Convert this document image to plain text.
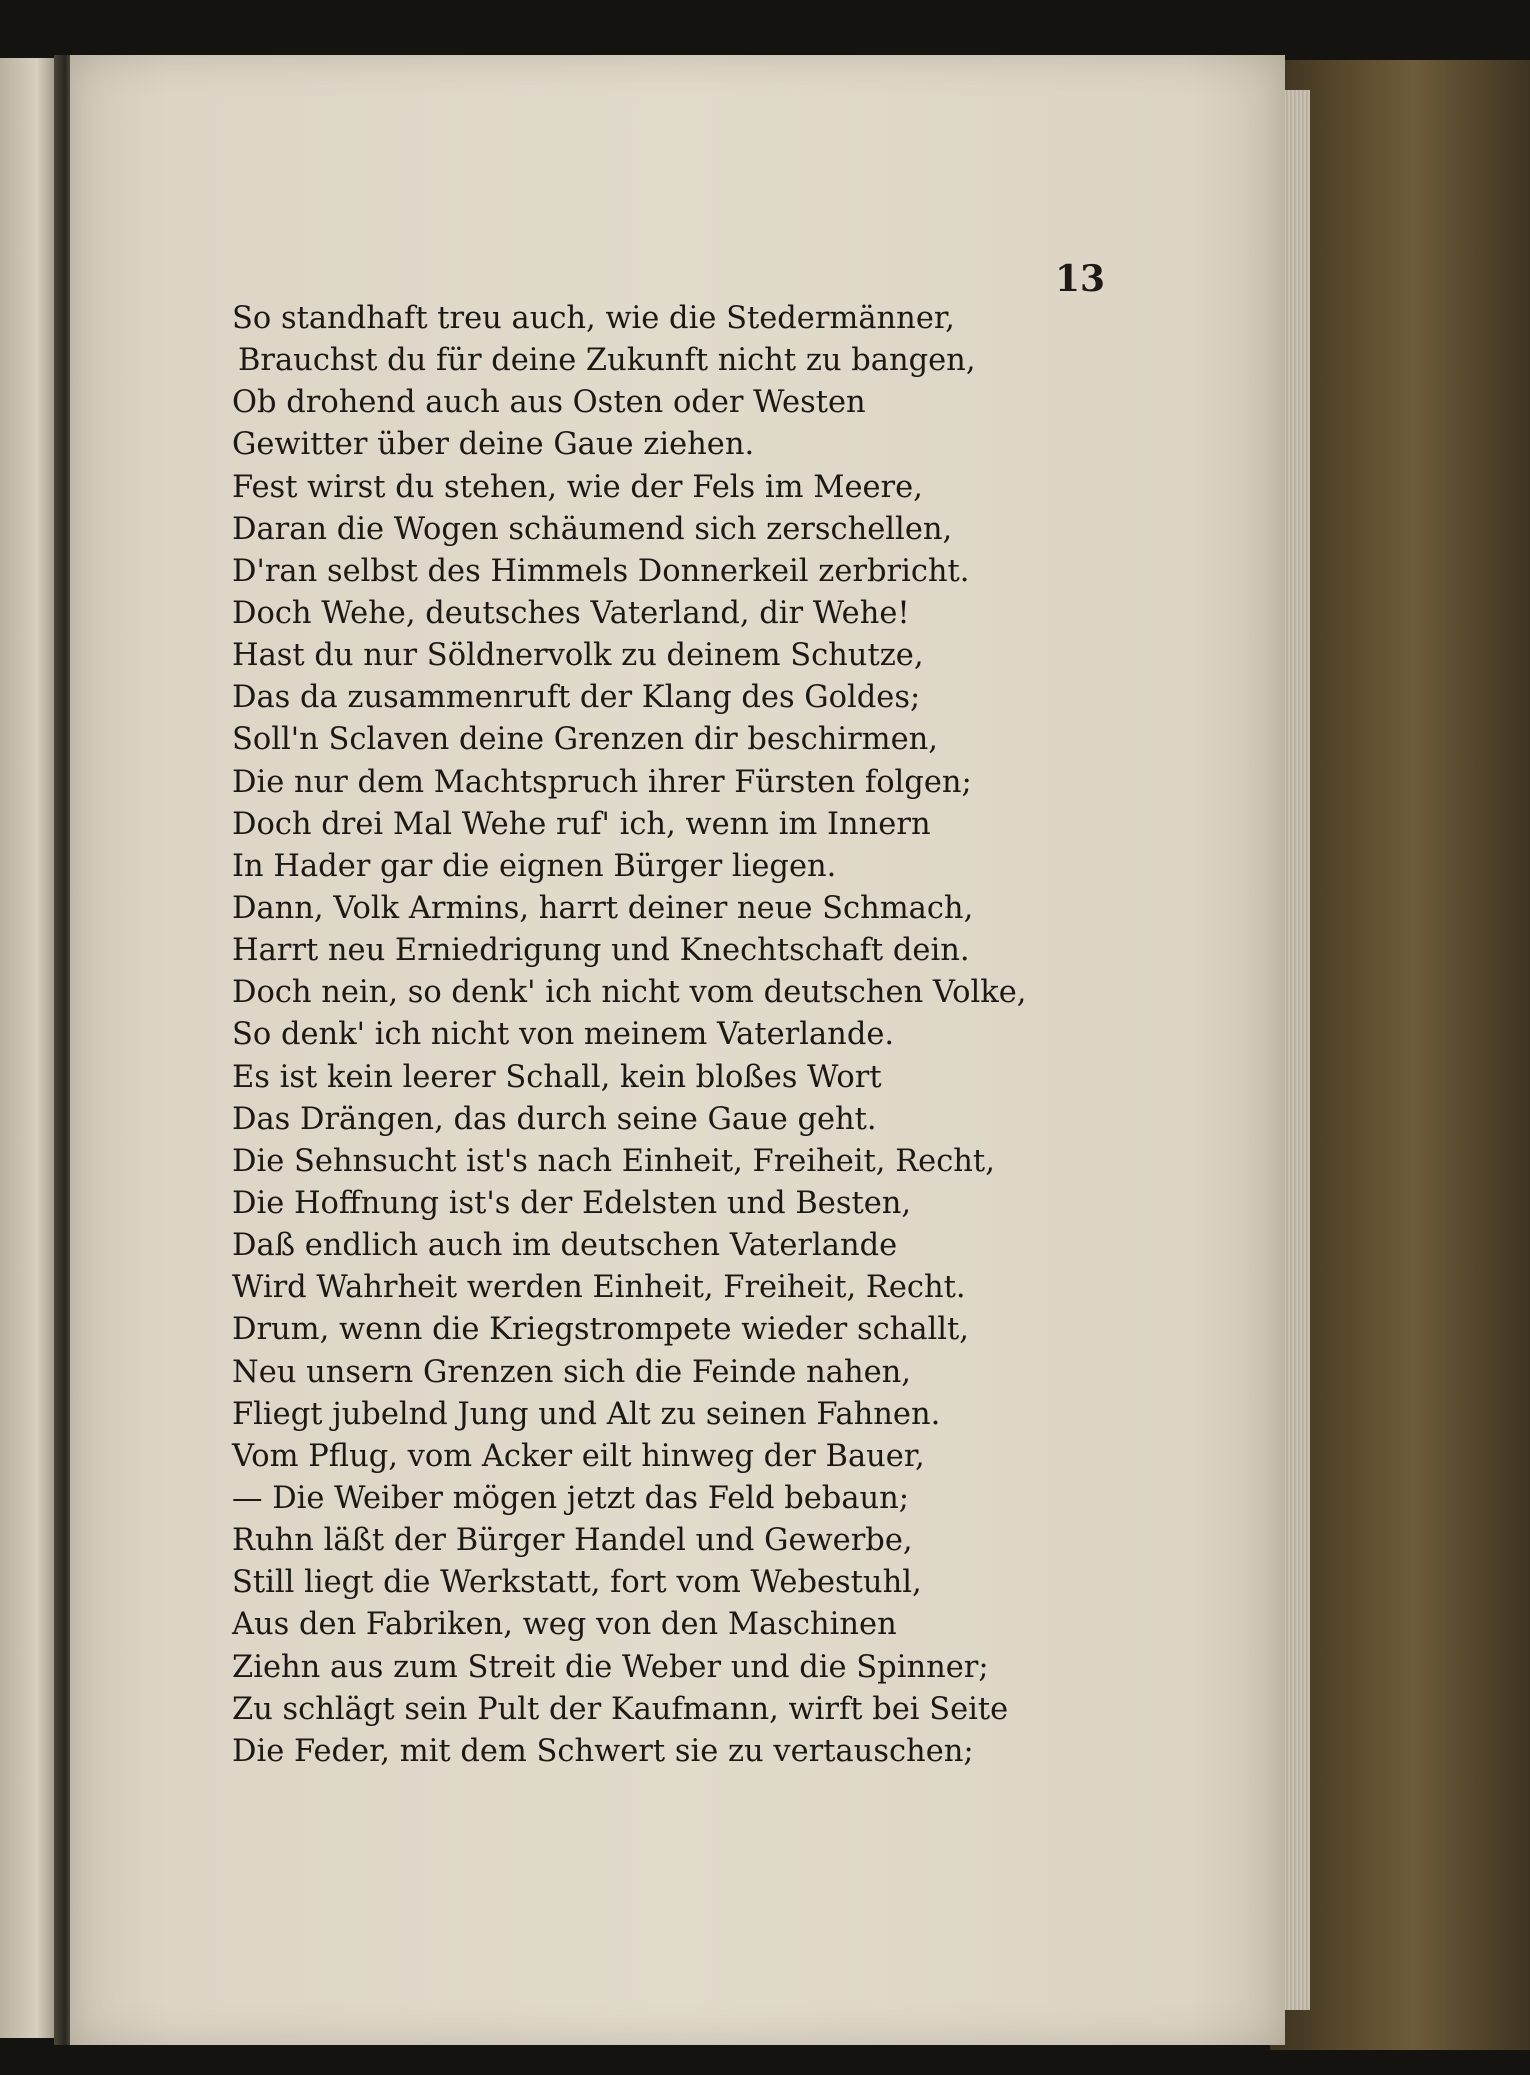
13
So standhaft treu auch, wie die Stedermänner,
Brauchst du für deine Zukunft nicht zu bangen,
Ob drohend auch aus Osten oder Westen
Gewitter über deine Gaue ziehen.
Fest wirst du stehen, wie der Fels im Meere,
Daran die Wogen schäumend sich zerschellen,
D'ran selbst des Himmels Donnerkeil zerbricht.
Doch Wehe, deutsches Vaterland, dir Wehe!
Hast du nur Söldnervolk zu deinem Schutze,
Das da zusammenruft der Klang des Goldes;
Soll'n Sclaven deine Grenzen dir beschirmen,
Die nur dem Machtspruch ihrer Fürsten folgen;
Doch drei Mal Wehe ruf' ich, wenn im Innern
In Hader gar die eignen Bürger liegen.
Dann, Volk Armins, harrt deiner neue Schmach,
Harrt neu Erniedrigung und Knechtschaft dein.
Doch nein, so denk' ich nicht vom deutschen Volke,
So denk' ich nicht von meinem Vaterlande.
Es ist kein leerer Schall, kein bloßes Wort
Das Drängen, das durch seine Gaue geht.
Die Sehnsucht ist's nach Einheit, Freiheit, Recht,
Die Hoffnung ist's der Edelsten und Besten,
Daß endlich auch im deutschen Vaterlande
Wird Wahrheit werden Einheit, Freiheit, Recht.
Drum, wenn die Kriegstrompete wieder schallt,
Neu unsern Grenzen sich die Feinde nahen,
Fliegt jubelnd Jung und Alt zu seinen Fahnen.
Vom Pflug, vom Acker eilt hinweg der Bauer,
— Die Weiber mögen jetzt das Feld bebaun;
Ruhn läßt der Bürger Handel und Gewerbe,
Still liegt die Werkstatt, fort vom Webestuhl,
Aus den Fabriken, weg von den Maschinen
Ziehn aus zum Streit die Weber und die Spinner;
Zu schlägt sein Pult der Kaufmann, wirft bei Seite
Die Feder, mit dem Schwert sie zu vertauschen;
